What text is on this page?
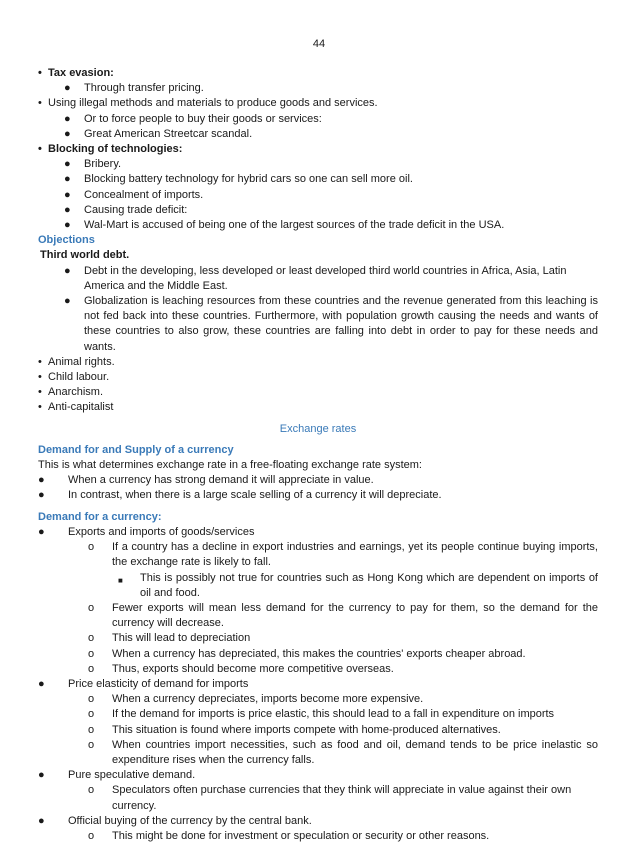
44
• Tax evasion:
● Through transfer pricing.
• Using illegal methods and materials to produce goods and services.
● Or to force people to buy their goods or services:
● Great American Streetcar scandal.
• Blocking of technologies:
● Bribery.
● Blocking battery technology for hybrid cars so one can sell more oil.
● Concealment of imports.
● Causing trade deficit:
● Wal-Mart is accused of being one of the largest sources of the trade deficit in the USA.
Objections
Third world debt.
● Debt in the developing, less developed or least developed third world countries in Africa, Asia, Latin America and the Middle East.
● Globalization is leaching resources from these countries and the revenue generated from this leaching is not fed back into these countries. Furthermore, with population growth causing the needs and wants of these countries to also grow, these countries are falling into debt in order to pay for these needs and wants.
• Animal rights.
• Child labour.
• Anarchism.
• Anti-capitalist
Exchange rates
Demand for and Supply of a currency
This is what determines exchange rate in a free-floating exchange rate system:
● When a currency has strong demand it will appreciate in value.
● In contrast, when there is a large scale selling of a currency it will depreciate.
Demand for a currency:
● Exports and imports of goods/services
o If a country has a decline in export industries and earnings, yet its people continue buying imports, the exchange rate is likely to fall.
■ This is possibly not true for countries such as Hong Kong which are dependent on imports of oil and food.
o Fewer exports will mean less demand for the currency to pay for them, so the demand for the currency will decrease.
o This will lead to depreciation
o When a currency has depreciated, this makes the countries' exports cheaper abroad.
o Thus, exports should become more competitive overseas.
● Price elasticity of demand for imports
o When a currency depreciates, imports become more expensive.
o If the demand for imports is price elastic, this should lead to a fall in expenditure on imports
o This situation is found where imports compete with home-produced alternatives.
o When countries import necessities, such as food and oil, demand tends to be price inelastic so expenditure rises when the currency falls.
● Pure speculative demand.
o Speculators often purchase currencies that they think will appreciate in value against their own currency.
● Official buying of the currency by the central bank.
o This might be done for investment or speculation or security or other reasons.
